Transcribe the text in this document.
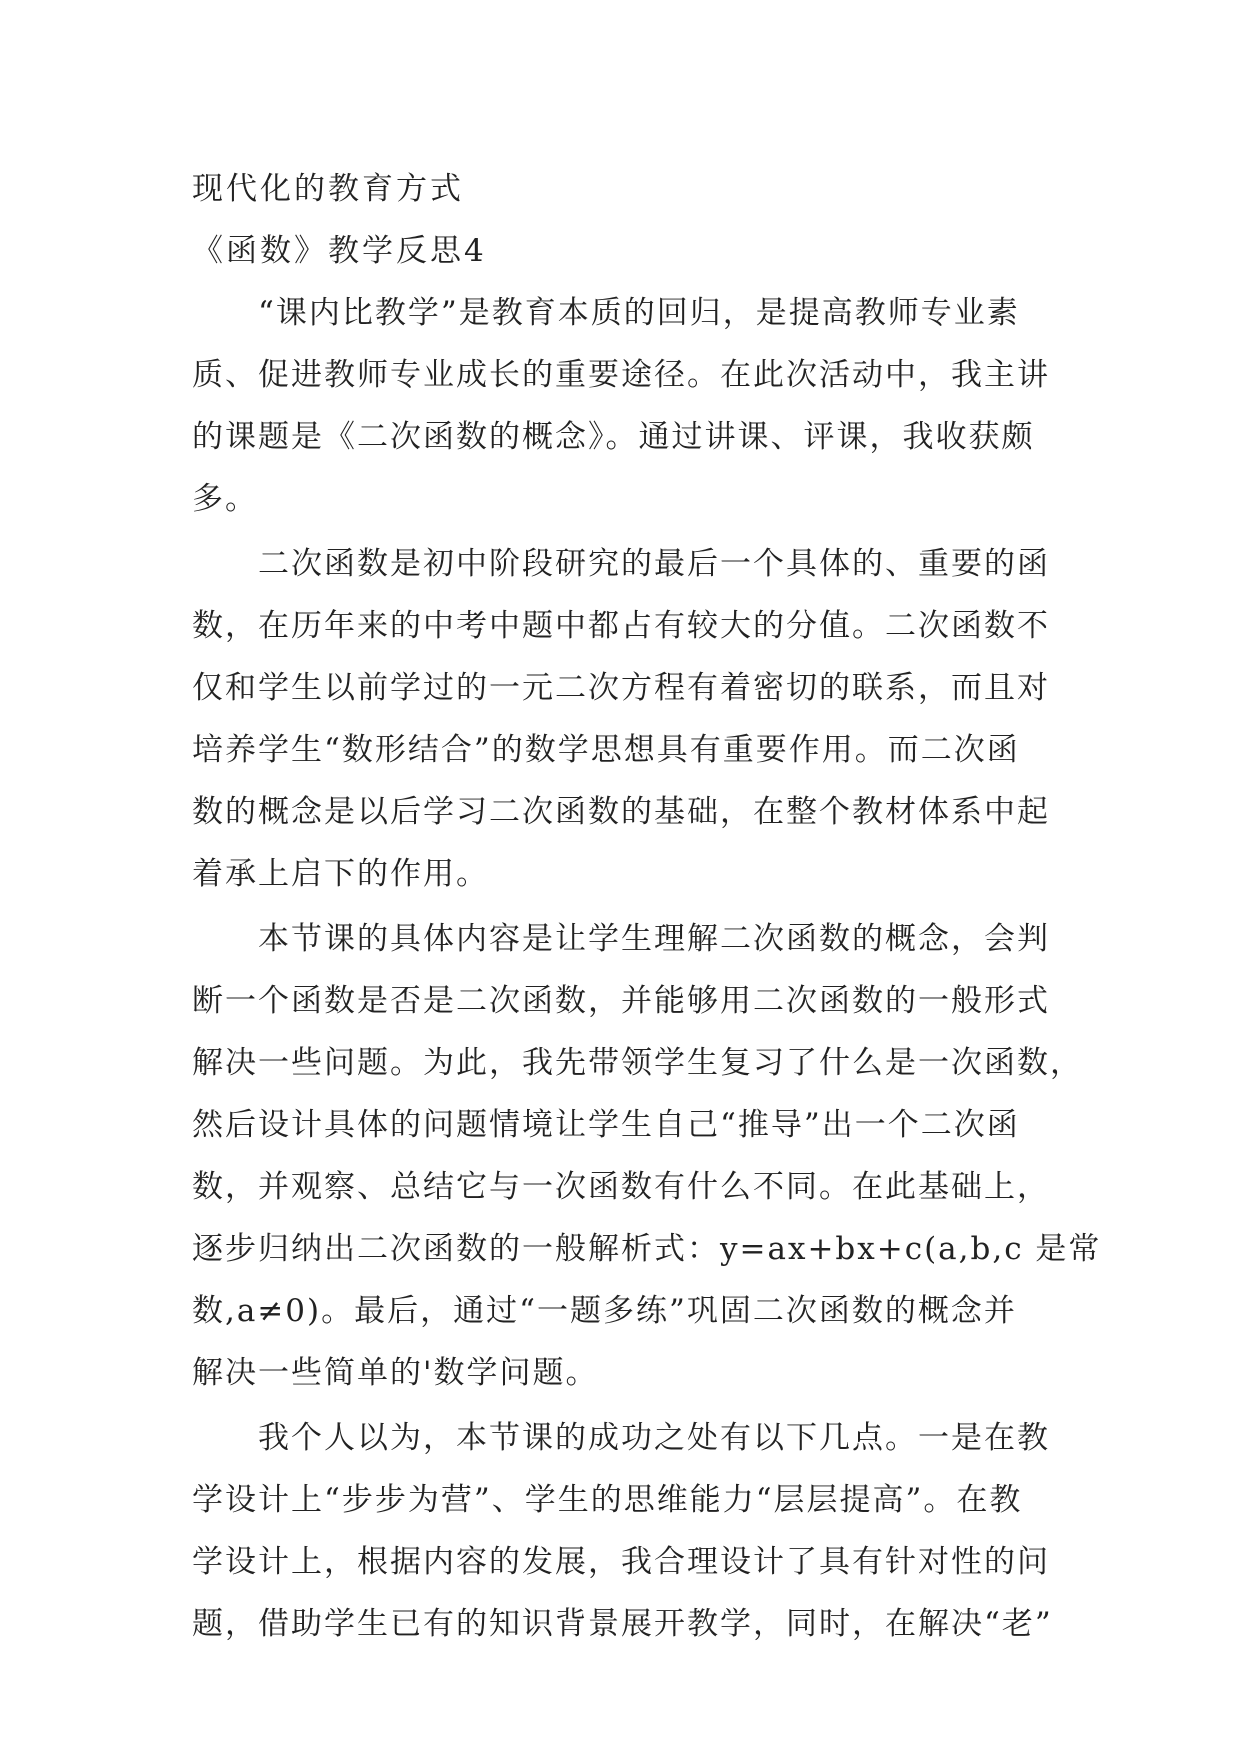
现代化的教育方式
《函数》教学反思4
“课内比教学”是教育本质的回归，是提高教师专业素
质、促进教师专业成长的重要途径。在此次活动中，我主讲
的课题是《二次函数的概念》。通过讲课、评课，我收获颇
多。
二次函数是初中阶段研究的最后一个具体的、重要的函
数，在历年来的中考中题中都占有较大的分值。二次函数不
仅和学生以前学过的一元二次方程有着密切的联系，而且对
培养学生“数形结合”的数学思想具有重要作用。而二次函
数的概念是以后学习二次函数的基础，在整个教材体系中起
着承上启下的作用。
本节课的具体内容是让学生理解二次函数的概念，会判
断一个函数是否是二次函数，并能够用二次函数的一般形式
解决一些问题。为此，我先带领学生复习了什么是一次函数，
然后设计具体的问题情境让学生自己“推导”出一个二次函
数，并观察、总结它与一次函数有什么不同。在此基础上，
逐步归纳出二次函数的一般解析式：y=ax+bx+c(a,b,c 是常
数,a≠0)。最后，通过“一题多练”巩固二次函数的概念并
解决一些简单的'数学问题。
我个人以为，本节课的成功之处有以下几点。一是在教
学设计上“步步为营”、学生的思维能力“层层提高”。在教
学设计上，根据内容的发展，我合理设计了具有针对性的问
题，借助学生已有的知识背景展开教学，同时，在解决“老”
